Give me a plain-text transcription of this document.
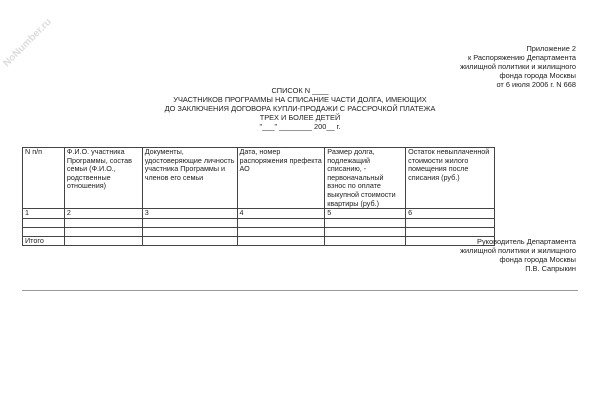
NoNumber.ru	Приложение 2
к Распоряжению Департамента
жилищной политики и жилищного
фонда города Москвы
от 6 июля 2006 г. N 668
СПИСОК N ____
УЧАСТНИКОВ ПРОГРАММЫ НА СПИСАНИЕ ЧАСТИ ДОЛГА, ИМЕЮЩИХ
ДО ЗАКЛЮЧЕНИЯ ДОГОВОРА КУПЛИ-ПРОДАЖИ С РАССРОЧКОЙ ПЛАТЕЖА
ТРЕХ И БОЛЕЕ ДЕТЕЙ
"___" ________ 200__ г.
N п/п	Ф.И.О. участника Программы, состав семьи (Ф.И.О., родственные отношения)	Документы, удостоверяющие личность участника Программы и членов его семьи	Дата, номер распоряжения префекта АО	Размер долга, подлежащий списанию, - первоначальный взнос по оплате выкупной стоимости квартиры (руб.)	Остаток невыплаченной стоимости жилого помещения после списания (руб.)
1	2	3	4	5	6

Итого						Руководитель Департамента
жилищной политики и жилищного
фонда города Москвы
П.В. Сапрыкин
